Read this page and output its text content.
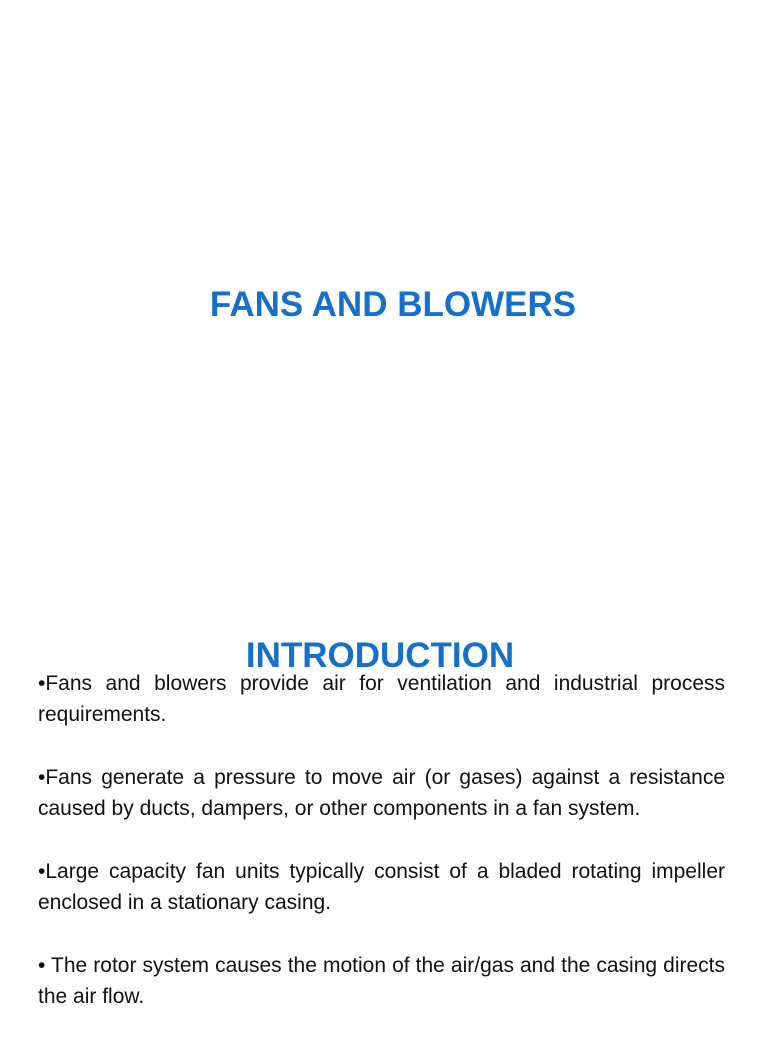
FANS AND BLOWERS
INTRODUCTION
•Fans and blowers provide air for ventilation and industrial process requirements.
•Fans generate a pressure to move air (or gases) against a resistance caused by ducts, dampers, or other components in a fan system.
•Large capacity fan units typically consist of a bladed rotating impeller enclosed in a stationary casing.
• The rotor system causes the motion of the air/gas and the casing directs the air flow.
